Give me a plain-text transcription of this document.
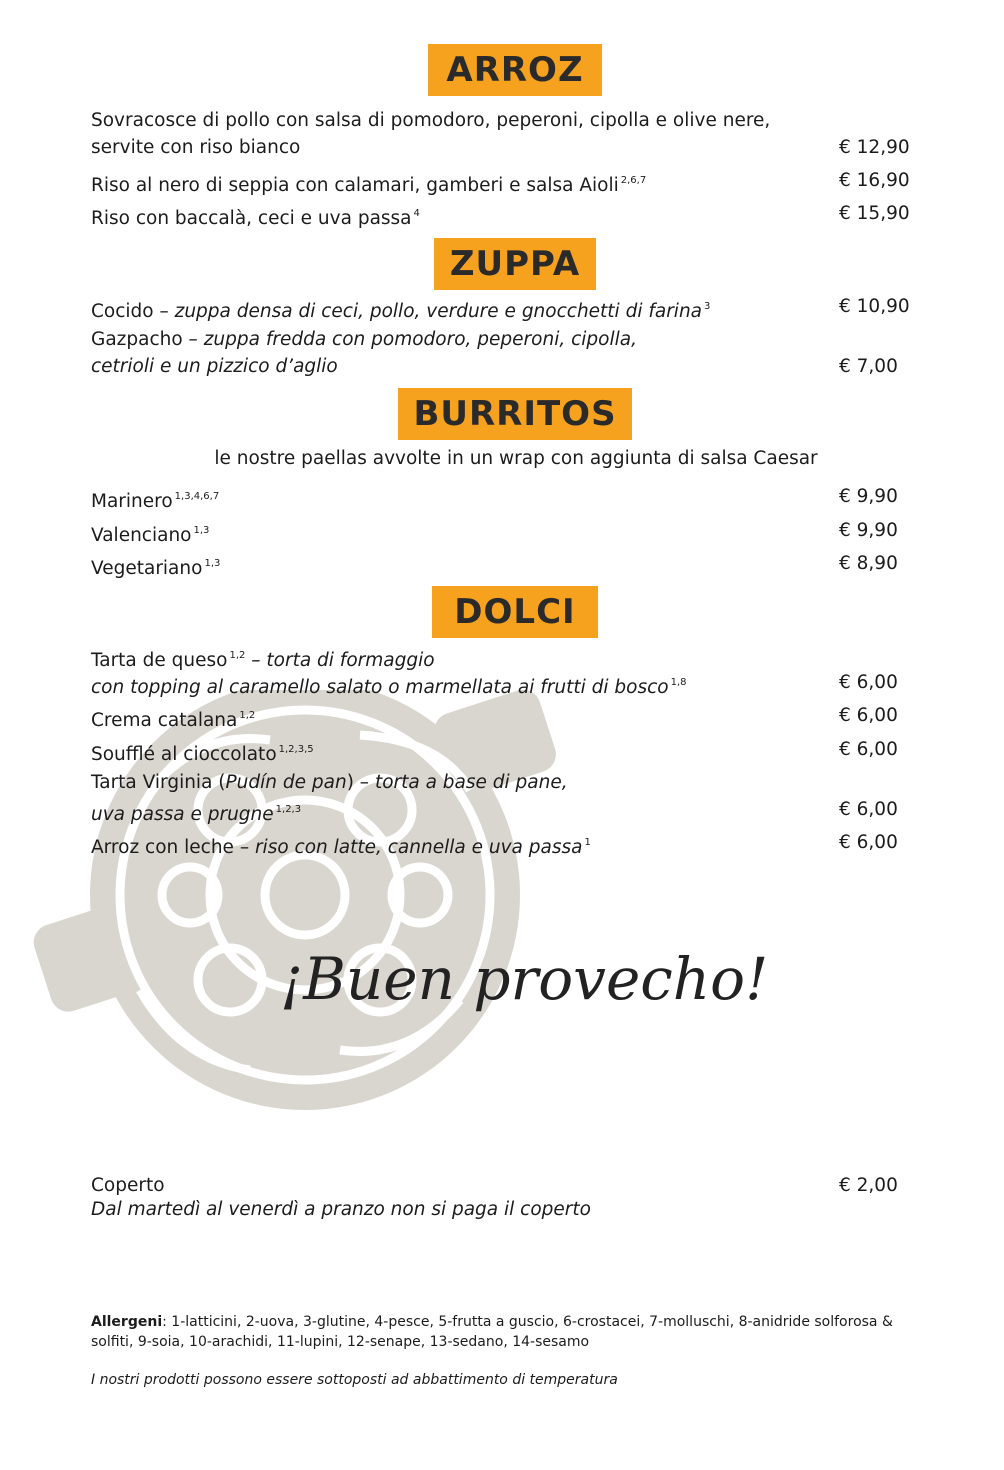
ARROZ
Sovracosce di pollo con salsa di pomodoro, peperoni, cipolla e olive nere,
servite con riso bianco	€ 12,90
Riso al nero di seppia con calamari, gamberi e salsa Aioli $^{2,6,7}$	€ 16,90
Riso con baccalà, ceci e uva passa $^4$	€ 15,90
ZUPPA
Cocido – zuppa densa di ceci, pollo, verdure e gnocchetti di farina $^3$	€ 10,90
Gazpacho – zuppa fredda con pomodoro, peperoni, cipolla,
cetrioli e un pizzico d’aglio	€ 7,00
BURRITOS
le nostre paellas avvolte in un wrap con aggiunta di salsa Caesar
Marinero $^{1,3,4,6,7}$	€ 9,90
Valenciano $^{1,3}$	€ 9,90
Vegetariano $^{1,3}$	€ 8,90
DOLCI
Tarta de queso $^{1,2}$ – torta di formaggio
con topping al caramello salato o marmellata ai frutti di bosco $^{1,8}$	€ 6,00
Crema catalana $^{1,2}$	€ 6,00
Soufflé al cioccolato $^{1,2,3,5}$	€ 6,00
Tarta Virginia (Pudín de pan) – torta a base di pane,
uva passa e prugne $^{1,2,3}$	€ 6,00
Arroz con leche – riso con latte, cannella e uva passa $^1$	€ 6,00
¡Buen provecho!
Coperto	€ 2,00
Dal martedì al venerdì a pranzo non si paga il coperto
Allergeni: 1-latticini, 2-uova, 3-glutine, 4-pesce, 5-frutta a guscio, 6-crostacei, 7-molluschi, 8-anidride solforosa & solfiti, 9-soia, 10-arachidi, 11-lupini, 12-senape, 13-sedano, 14-sesamo
I nostri prodotti possono essere sottoposti ad abbattimento di temperatura
